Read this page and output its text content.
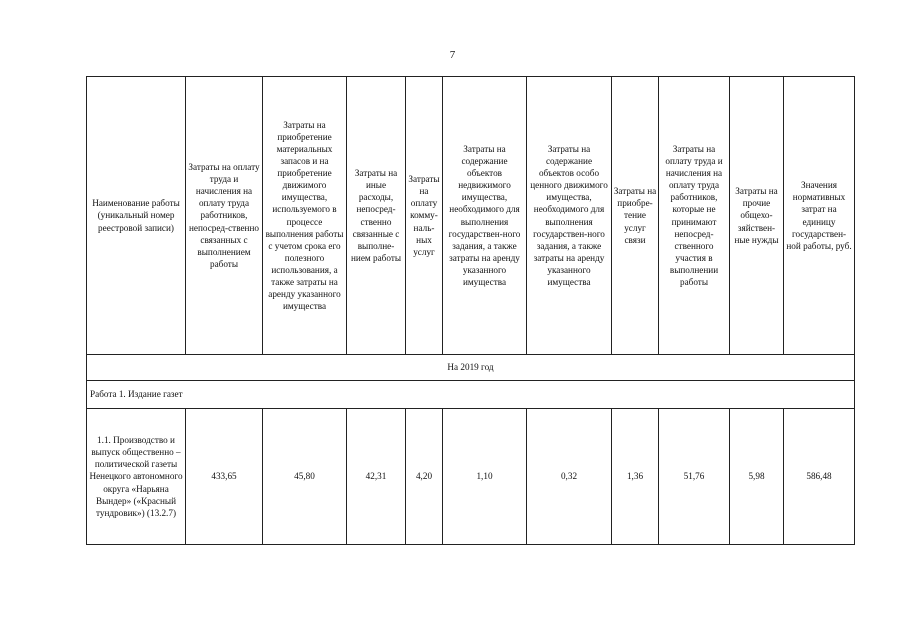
7
Наименование работы (уникальный номер реестровой записи)	Затраты на оплату труда и начисления на оплату труда работников, непосред-ственно связанных с выполнением работы	Затраты на приобретение материальных запасов и на приобретение движимого имущества, используемого в процессе выполнения работы с учетом срока его полезного использования, а также затраты на аренду указанного имущества	Затраты на иные расходы, непосред-ственно связанные с выполне-нием работы	Затраты на оплату комму-наль-ных услуг	Затраты на содержание объектов недвижимого имущества, необходимого для выполнения государствен-ного задания, а также затраты на аренду указанного имущества	Затраты на содержание объектов особо ценного движимого имущества, необходимого для выполнения государствен-ного задания, а также затраты на аренду указанного имущества	Затраты на приобре-тение услуг связи	Затраты на оплату труда и начисления на оплату труда работников, которые не принимают непосред-ственного участия в выполнении работы	Затраты на прочие общехо-зяйствен-ные нужды	Значения нормативных затрат на единицу государствен-ной работы, руб.
На 2019 год										
Работа 1. Издание газет										
1.1. Производство и выпуск общественно – политической газеты Ненецкого автономного округа «Нарьяна Вындер» («Красный тундровик») (13.2.7)	433,65	45,80	42,31	4,20	1,10	0,32	1,36	51,76	5,98	586,48
